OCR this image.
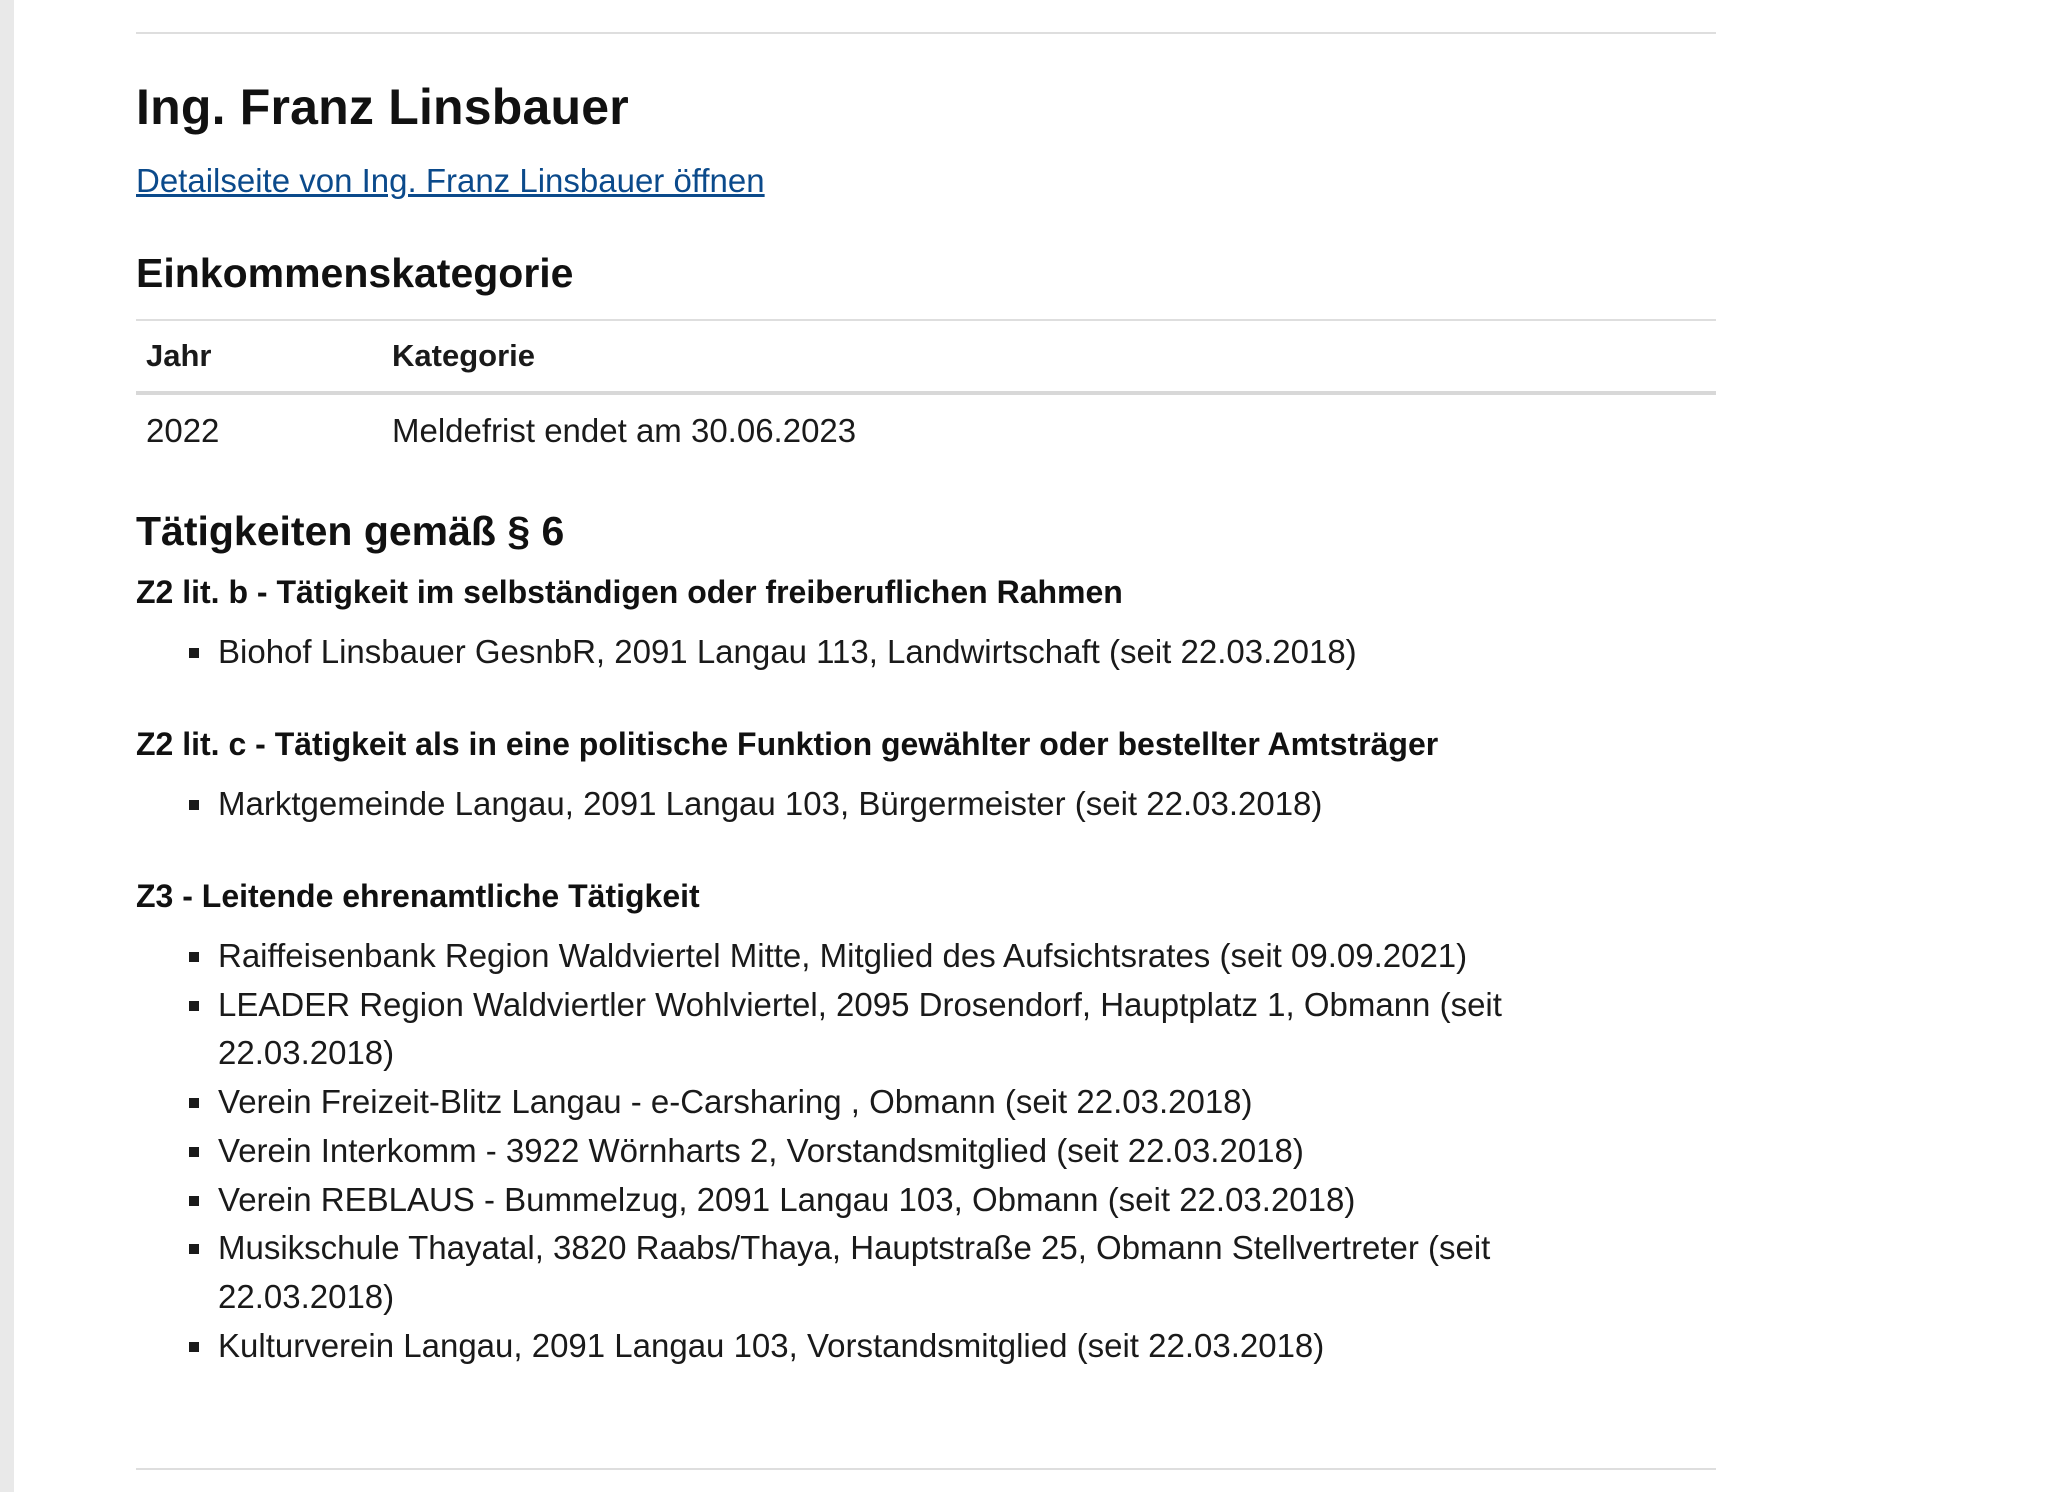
Ing. Franz Linsbauer
Detailseite von Ing. Franz Linsbauer öffnen
Einkommenskategorie
Jahr	Kategorie
2022	Meldefrist endet am 30.06.2023
Tätigkeiten gemäß § 6
Z2 lit. b - Tätigkeit im selbständigen oder freiberuflichen Rahmen
Biohof Linsbauer GesnbR, 2091 Langau 113, Landwirtschaft (seit 22.03.2018)
Z2 lit. c - Tätigkeit als in eine politische Funktion gewählter oder bestellter Amtsträger
Marktgemeinde Langau, 2091 Langau 103, Bürgermeister (seit 22.03.2018)
Z3 - Leitende ehrenamtliche Tätigkeit
Raiffeisenbank Region Waldviertel Mitte, Mitglied des Aufsichtsrates (seit 09.09.2021)
LEADER Region Waldviertler Wohlviertel, 2095 Drosendorf, Hauptplatz 1, Obmann (seit 22.03.2018)
Verein Freizeit-Blitz Langau - e-Carsharing , Obmann (seit 22.03.2018)
Verein Interkomm - 3922 Wörnharts 2, Vorstandsmitglied (seit 22.03.2018)
Verein REBLAUS - Bummelzug, 2091 Langau 103, Obmann (seit 22.03.2018)
Musikschule Thayatal, 3820 Raabs/Thaya, Hauptstraße 25, Obmann Stellvertreter (seit 22.03.2018)
Kulturverein Langau, 2091 Langau 103, Vorstandsmitglied (seit 22.03.2018)
